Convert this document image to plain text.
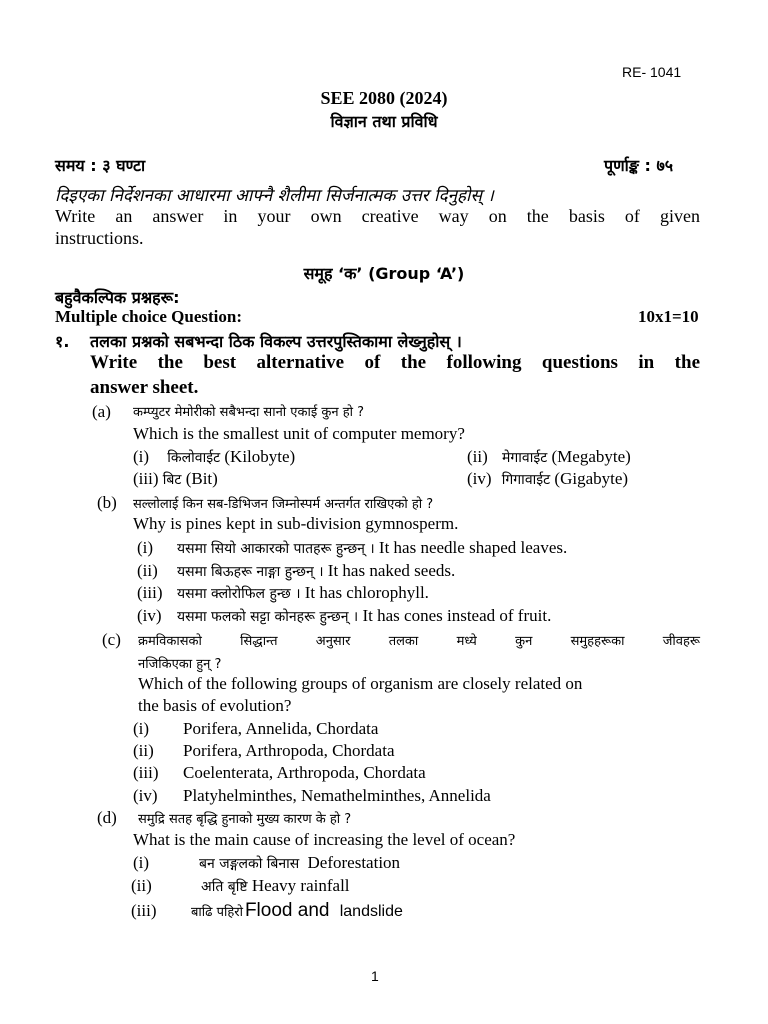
RE- 1041
SEE 2080 (2024)
विज्ञान तथा प्रविधि
समय : ३ घण्टा	पूर्णाङ्क : ७५
दिइएका निर्देशनका आधारमा आफ्नै शैलीमा सिर्जनात्मक उत्तर दिनुहोस् ।
Write an answer in your own creative way on the basis of given
instructions.
समूह ‘क’ (Group ‘A’)
बहुवैकल्पिक प्रश्नहरू:
Multiple choice Question:	10x1=10
१. तलका प्रश्नको सबभन्दा ठिक विकल्प उत्तरपुस्तिकामा लेख्नुहोस् ।
Write the best alternative of the following questions in the
answer sheet.
(a) कम्प्युटर मेमोरीको सबैभन्दा सानो एकाई कुन हो ?
Which is the smallest unit of computer memory?
(i) किलोवाईट (Kilobyte)	(ii) मेगावाईट (Megabyte)
(iii) बिट (Bit)	(iv) गिगावाईट (Gigabyte)
(b) सल्लोलाई किन सब-डिभिजन जिम्नोस्पर्म अन्तर्गत राखिएको हो ?
Why is pines kept in sub-division gymnosperm.
(i) यसमा सियो आकारको पातहरू हुन्छन् । It has needle shaped leaves.
(ii) यसमा बिऊहरू नाङ्गा हुन्छन् । It has naked seeds.
(iii) यसमा क्लोरोफिल हुन्छ । It has chlorophyll.
(iv) यसमा फलको सट्टा कोनहरू हुन्छन् । It has cones instead of fruit.
(c) क्रमविकासको सिद्धान्त अनुसार तलका मध्ये कुन समुहहरूका जीवहरू
नजिकिएका हुन् ?
Which of the following groups of organism are closely related on
the basis of evolution?
(i) Porifera, Annelida, Chordata
(ii) Porifera, Arthropoda, Chordata
(iii) Coelenterata, Arthropoda, Chordata
(iv) Platyhelminthes, Nemathelminthes, Annelida
(d) समुद्रि सतह बृद्धि हुनाको मुख्य कारण के हो ?
What is the main cause of increasing the level of ocean?
(i)	बन जङ्गलको बिनास Deforestation
(ii)	अति बृष्टि Heavy rainfall
(iii)	बाढि पहिरो Flood and landslide
1
